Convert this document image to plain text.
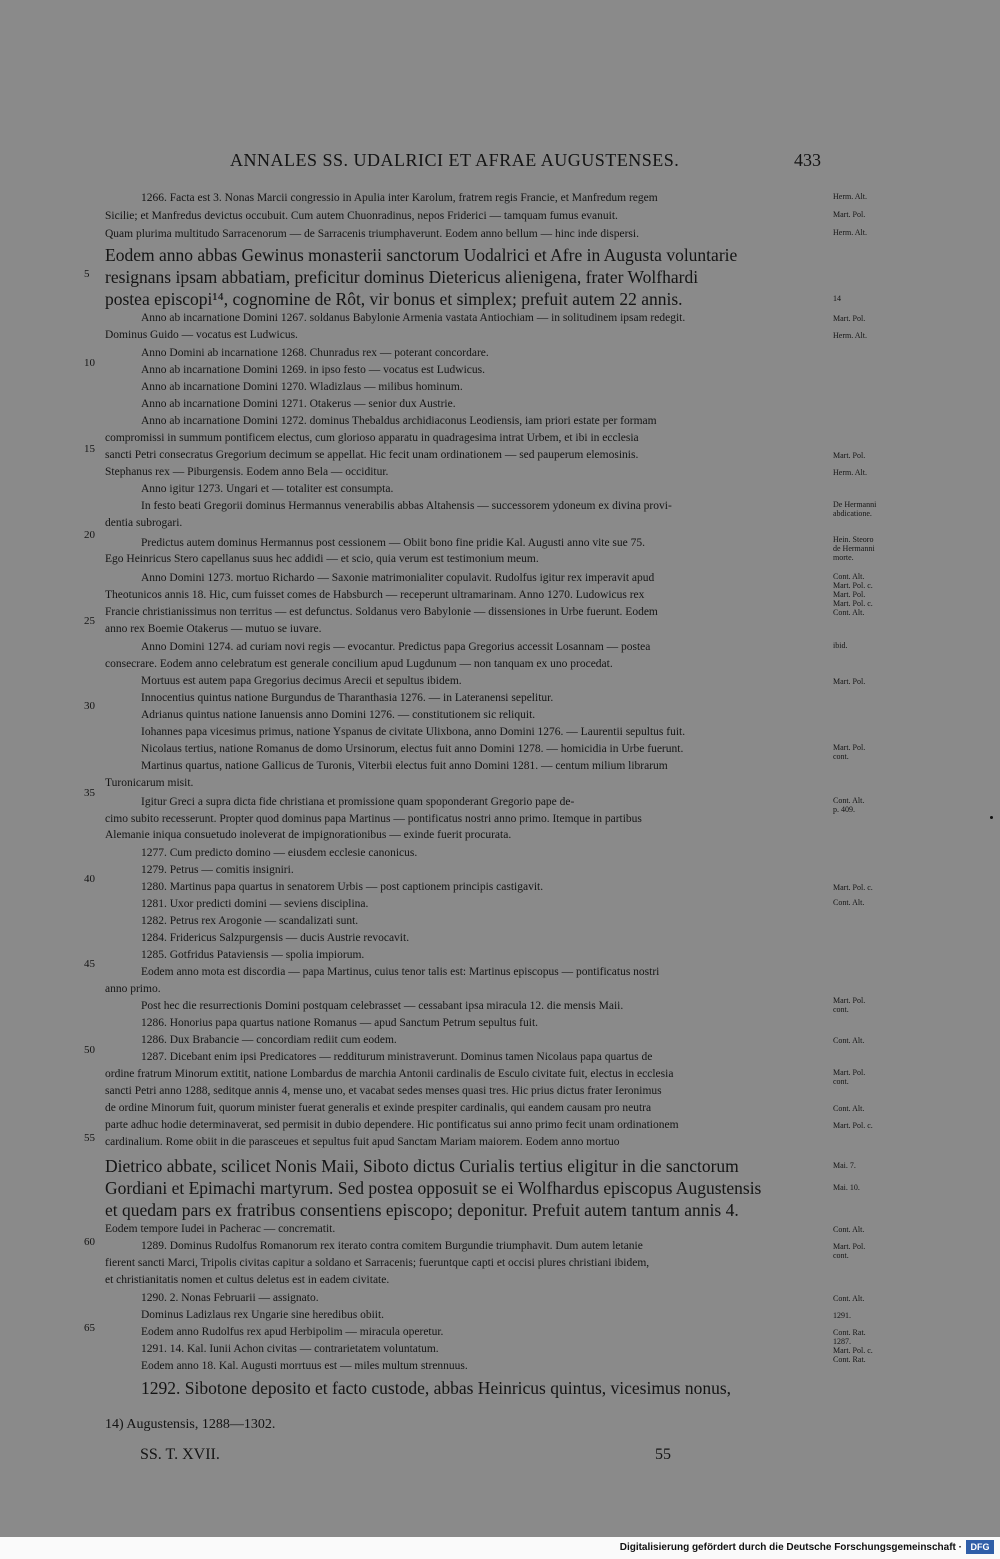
ANNALES SS. UDALRICI ET AFRAE AUGUSTENSES.	433
1266. Facta est 3. Nonas Marcii congressio in Apulia inter Karolum, fratrem regis Francie, et Manfredum regem
Sicilie; et Manfredus devictus occubuit. Cum autem Chuonradinus, nepos Friderici — tamquam fumus evanuit.
Quam plurima multitudo Sarracenorum — de Sarracenis triumphaverunt. Eodem anno bellum — hinc inde dispersi.
Eodem anno abbas Gewinus monasterii sanctorum Uodalrici et Afre in Augusta voluntarie
resignans ipsam abbatiam, preficitur dominus Dietericus alienigena, frater Wolfhardi
postea episcopi¹⁴, cognomine de Rôt, vir bonus et simplex; prefuit autem 22 annis.
Anno ab incarnatione Domini 1267. soldanus Babylonie Armenia vastata Antiochiam — in solitudinem ipsam redegit.
Dominus Guido — vocatus est Ludwicus.
Anno Domini ab incarnatione 1268. Chunradus rex — poterant concordare.
Anno ab incarnatione Domini 1269. in ipso festo — vocatus est Ludwicus.
Anno ab incarnatione Domini 1270. Wladizlaus — milibus hominum.
Anno ab incarnatione Domini 1271. Otakerus — senior dux Austrie.
Anno ab incarnatione Domini 1272. dominus Thebaldus archidiaconus Leodiensis, iam priori estate per formam
compromissi in summum pontificem electus, cum glorioso apparatu in quadragesima intrat Urbem, et ibi in ecclesia
sancti Petri consecratus Gregorium decimum se appellat. Hic fecit unam ordinationem — sed pauperum elemosinis.
Stephanus rex — Piburgensis. Eodem anno Bela — occiditur.
Anno igitur 1273. Ungari et — totaliter est consumpta.
In festo beati Gregorii dominus Hermannus venerabilis abbas Altahensis — successorem ydoneum ex divina provi-
dentia subrogari.
Predictus autem dominus Hermannus post cessionem — Obiit bono fine pridie Kal. Augusti anno vite sue 75.
Ego Heinricus Stero capellanus suus hec addidi — et scio, quia verum est testimonium meum.
Anno Domini 1273. mortuo Richardo — Saxonie matrimonialiter copulavit. Rudolfus igitur rex imperavit apud
Theotunicos annis 18. Hic, cum fuisset comes de Habsburch — receperunt ultramarinam. Anno 1270. Ludowicus rex
Francie christianissimus non territus — est defunctus. Soldanus vero Babylonie — dissensiones in Urbe fuerunt. Eodem
anno rex Boemie Otakerus — mutuo se iuvare.
Anno Domini 1274. ad curiam novi regis — evocantur. Predictus papa Gregorius accessit Losannam — postea
consecrare. Eodem anno celebratum est generale concilium apud Lugdunum — non tanquam ex uno procedat.
Mortuus est autem papa Gregorius decimus Arecii et sepultus ibidem.
Innocentius quintus natione Burgundus de Tharanthasia 1276. — in Lateranensi sepelitur.
Adrianus quintus natione Ianuensis anno Domini 1276. — constitutionem sic reliquit.
Iohannes papa vicesimus primus, natione Yspanus de civitate Ulixbona, anno Domini 1276. — Laurentii sepultus fuit.
Nicolaus tertius, natione Romanus de domo Ursinorum, electus fuit anno Domini 1278. — homicidia in Urbe fuerunt.
Martinus quartus, natione Gallicus de Turonis, Viterbii electus fuit anno Domini 1281. — centum milium librarum
Turonicarum misit.
Igitur Greci a supra dicta fide christiana et promissione quam spoponderant Gregorio pape de-
cimo subito recesserunt. Propter quod dominus papa Martinus — pontificatus nostri anno primo. Itemque in partibus
Alemanie iniqua consuetudo inoleverat de impignorationibus — exinde fuerit procurata.
1277. Cum predicto domino — eiusdem ecclesie canonicus.
1279. Petrus — comitis insigniri.
1280. Martinus papa quartus in senatorem Urbis — post captionem principis castigavit.
1281. Uxor predicti domini — seviens disciplina.
1282. Petrus rex Arogonie — scandalizati sunt.
1284. Fridericus Salzpurgensis — ducis Austrie revocavit.
1285. Gotfridus Pataviensis — spolia impiorum.
Eodem anno mota est discordia — papa Martinus, cuius tenor talis est: Martinus episcopus — pontificatus nostri
anno primo.
Post hec die resurrectionis Domini postquam celebrasset — cessabant ipsa miracula 12. die mensis Maii.
1286. Honorius papa quartus natione Romanus — apud Sanctum Petrum sepultus fuit.
1286. Dux Brabancie — concordiam rediit cum eodem.
1287. Dicebant enim ipsi Predicatores — redditurum ministraverunt. Dominus tamen Nicolaus papa quartus de
ordine fratrum Minorum extitit, natione Lombardus de marchia Antonii cardinalis de Esculo civitate fuit, electus in ecclesia
sancti Petri anno 1288, seditque annis 4, mense uno, et vacabat sedes menses quasi tres. Hic prius dictus frater Ieronimus
de ordine Minorum fuit, quorum minister fuerat generalis et exinde prespiter cardinalis, qui eandem causam pro neutra
parte adhuc hodie determinaverat, sed permisit in dubio dependere. Hic pontificatus sui anno primo fecit unam ordinationem
cardinalium. Rome obiit in die parasceues et sepultus fuit apud Sanctam Mariam maiorem. Eodem anno mortuo
Dietrico abbate, scilicet Nonis Maii, Siboto dictus Curialis tertius eligitur in die sanctorum
Gordiani et Epimachi martyrum. Sed postea opposuit se ei Wolfhardus episcopus Augustensis
et quedam pars ex fratribus consentiens episcopo; deponitur. Prefuit autem tantum annis 4.
Eodem tempore Iudei in Pacherac — concrematit.
1289. Dominus Rudolfus Romanorum rex iterato contra comitem Burgundie triumphavit. Dum autem letanie
fierent sancti Marci, Tripolis civitas capitur a soldano et Sarracenis; fueruntque capti et occisi plures christiani ibidem,
et christianitatis nomen et cultus deletus est in eadem civitate.
1290. 2. Nonas Februarii — assignato.
Dominus Ladizlaus rex Ungarie sine heredibus obiit.
Eodem anno Rudolfus rex apud Herbipolim — miracula operetur.
1291. 14. Kal. Iunii Achon civitas — contrarietatem voluntatum.
Eodem anno 18. Kal. Augusti morrtuus est — miles multum strennuus.
1292. Sibotone deposito et facto custode, abbas Heinricus quintus, vicesimus nonus,
Herm. Alt.
Mart. Pol.
Herm. Alt.
14
Mart. Pol.
Herm. Alt.
Mart. Pol.
Herm. Alt.
De Hermanni
abdicatione.
Hein. Steoro
de Hermanni
morte.
Cont. Alt.
Mart. Pol. c.
Mart. Pol.
Mart. Pol. c.
Cont. Alt.
ibid.
Mart. Pol.
Mart. Pol.
cont.
Cont. Alt.
p. 409.
Mart. Pol. c.
Cont. Alt.
Mart. Pol.
cont.
Cont. Alt.
Mart. Pol.
cont.
Cont. Alt.
Mart. Pol. c.
Mai. 7.
Mai. 10.
Cont. Alt.
Mart. Pol.
cont.
Cont. Alt.
1291.
Cont. Rat.
1287.
Mart. Pol. c.
Cont. Rat.
5
10
15
20
25
30
35
40
45
50
55
60
65
14) Augustensis, 1288—1302.
SS. T. XVII.	55
Digitalisierung gefördert durch die Deutsche Forschungsgemeinschaft · DFG
